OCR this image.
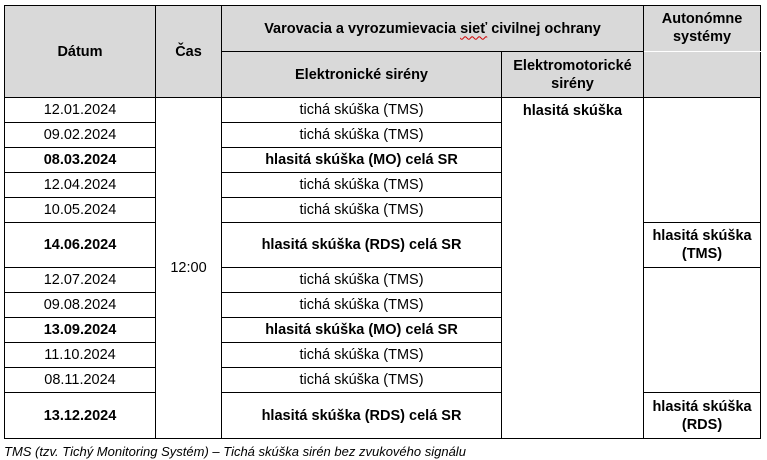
Dátum	Čas	Varovacia a vyrozumievacia sieť civilnej ochrany		Autonómne
systémy

		Elektronické sirény	Elektromotorické
sirény	

12.01.2024	12:00	tichá skúška (TMS)	hlasitá skúška	
09.02.2024		tichá skúška (TMS)		
08.03.2024		hlasitá skúška (MO) celá SR		
12.04.2024		tichá skúška (TMS)		
10.05.2024		tichá skúška (TMS)		
14.06.2024		hlasitá skúška (RDS) celá SR		hlasitá skúška
(TMS)

12.07.2024		tichá skúška (TMS)		
09.08.2024		tichá skúška (TMS)		
13.09.2024		hlasitá skúška (MO) celá SR		
11.10.2024		tichá skúška (TMS)		
08.11.2024		tichá skúška (TMS)		
13.12.2024		hlasitá skúška (RDS) celá SR		hlasitá skúška
(RDS)
TMS (tzv. Tichý Monitoring Systém) – Tichá skúška sirén bez zvukového signálu
